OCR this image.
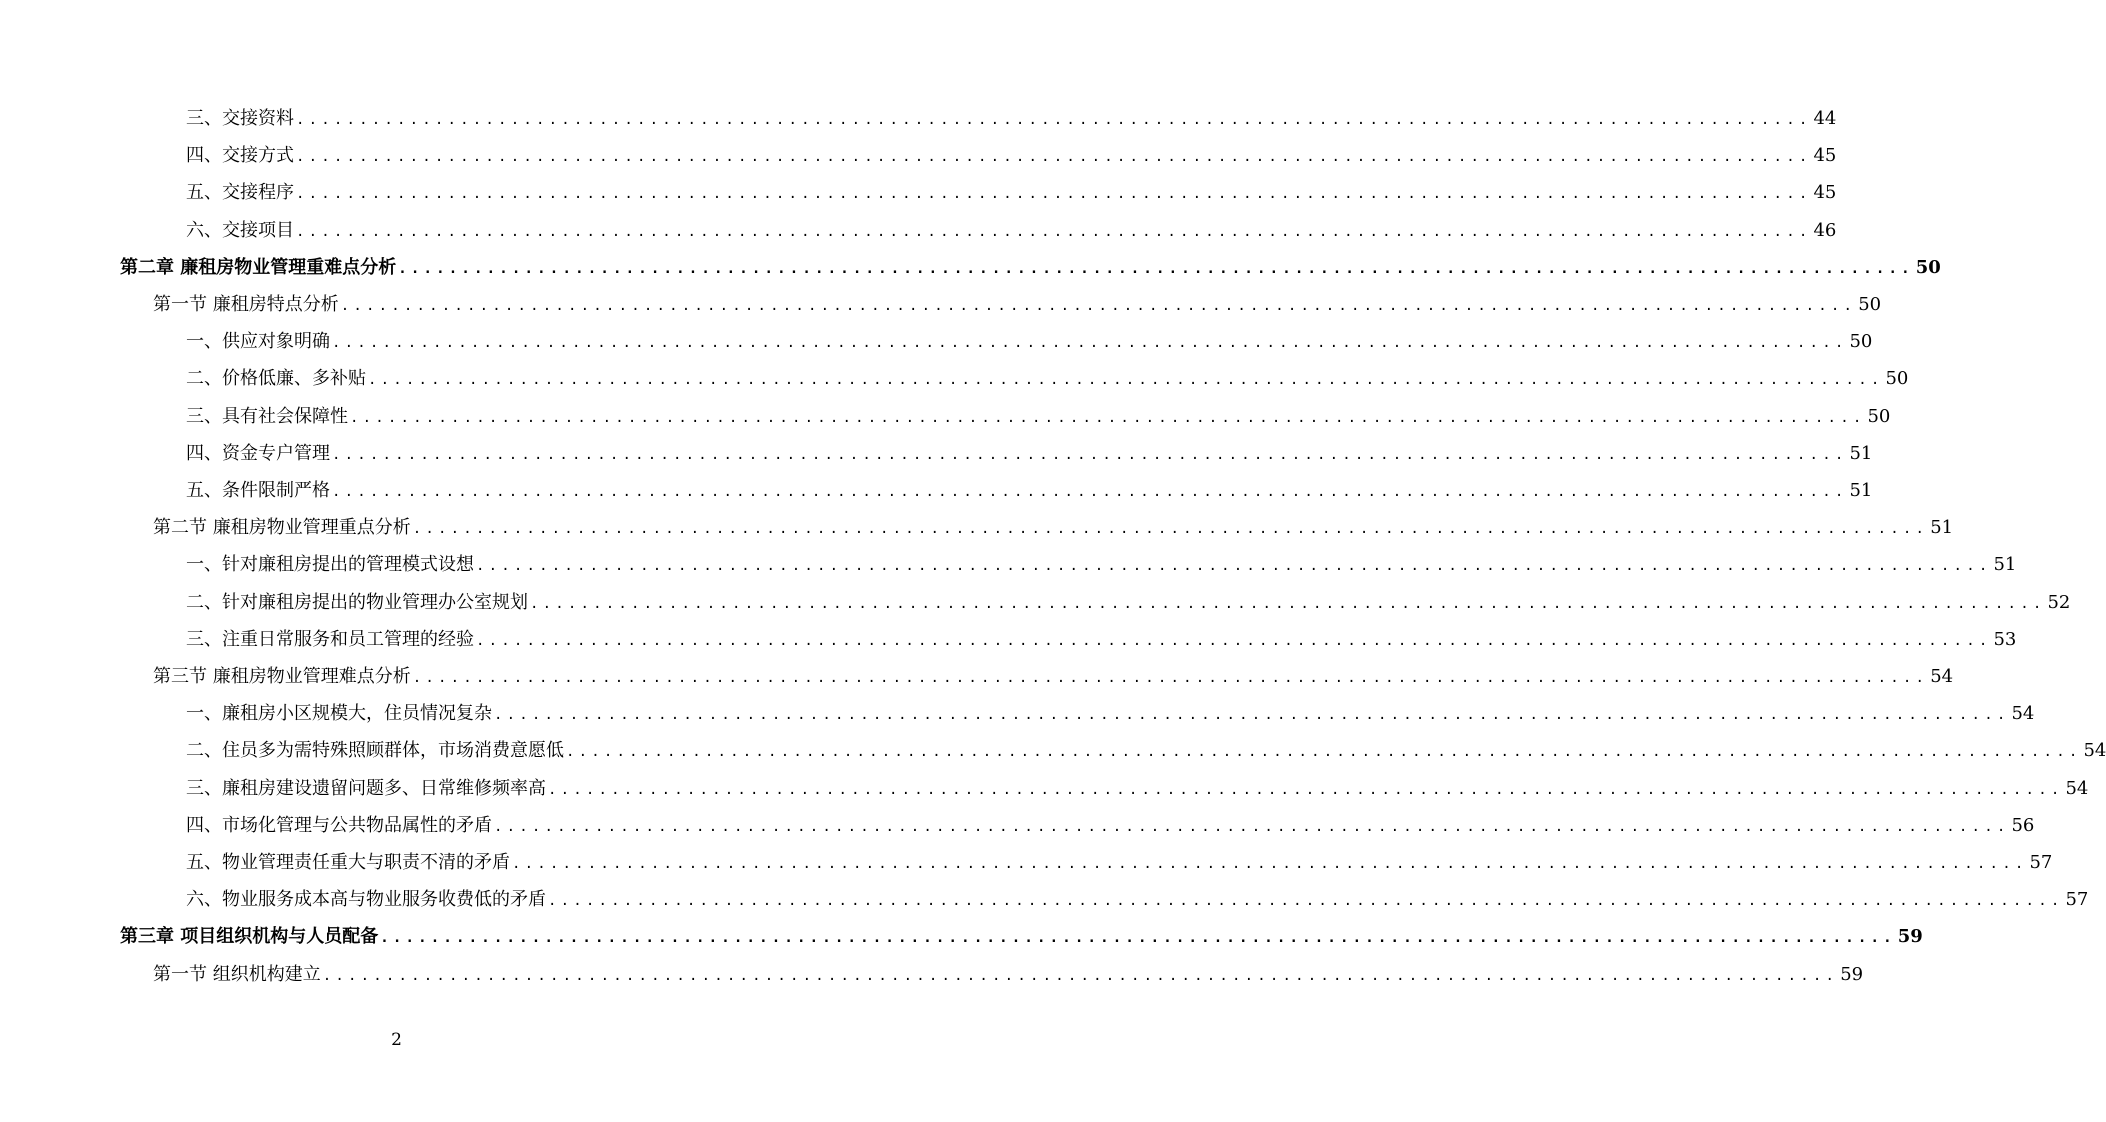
三、交接资料 ........................................................................................................................ 44
四、交接方式 ........................................................................................................................ 45
五、交接程序 ........................................................................................................................ 45
六、交接项目 ........................................................................................................................ 46
第二章 廉租房物业管理重难点分析 ........................................................................................................................ 50
第一节 廉租房特点分析 ........................................................................................................................ 50
一、供应对象明确 ........................................................................................................................ 50
二、价格低廉、多补贴 ........................................................................................................................ 50
三、具有社会保障性 ........................................................................................................................ 50
四、资金专户管理 ........................................................................................................................ 51
五、条件限制严格 ........................................................................................................................ 51
第二节 廉租房物业管理重点分析 ........................................................................................................................ 51
一、针对廉租房提出的管理模式设想 ........................................................................................................................ 51
二、针对廉租房提出的物业管理办公室规划 ........................................................................................................................ 52
三、注重日常服务和员工管理的经验 ........................................................................................................................ 53
第三节 廉租房物业管理难点分析 ........................................................................................................................ 54
一、廉租房小区规模大，住员情况复杂 ........................................................................................................................ 54
二、住员多为需特殊照顾群体，市场消费意愿低 ........................................................................................................................ 54
三、廉租房建设遗留问题多、日常维修频率高 ........................................................................................................................ 54
四、市场化管理与公共物品属性的矛盾 ........................................................................................................................ 56
五、物业管理责任重大与职责不清的矛盾 ........................................................................................................................ 57
六、物业服务成本高与物业服务收费低的矛盾 ........................................................................................................................ 57
第三章 项目组织机构与人员配备 ........................................................................................................................ 59
第一节 组织机构建立 ........................................................................................................................ 59
2
